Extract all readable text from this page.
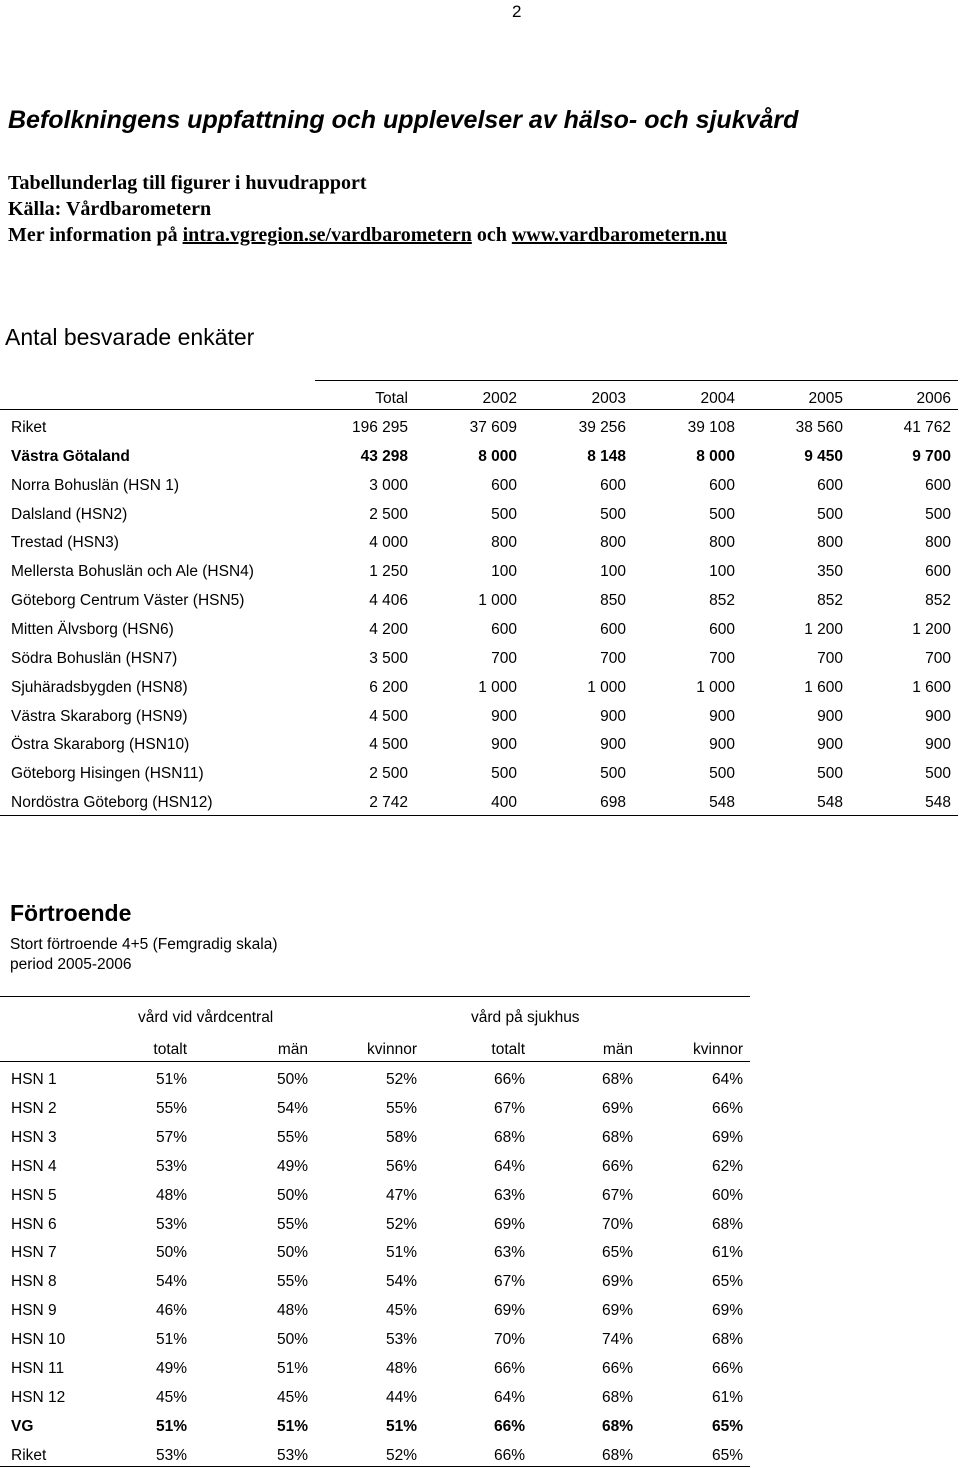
2
Befolkningens uppfattning och upplevelser av hälso- och sjukvård
Tabellunderlag till figurer i huvudrapport
Källa: Vårdbarometern
Mer information på intra.vgregion.se/vardbarometern och www.vardbarometern.nu
Antal besvarade enkäter
Total	2002	2003	2004	2005	2006
Riket	196 295	37 609	39 256	39 108	38 560	41 762
Västra Götaland	43 298	8 000	8 148	8 000	9 450	9 700
Norra Bohuslän (HSN 1)	3 000	600	600	600	600	600
Dalsland (HSN2)	2 500	500	500	500	500	500
Trestad (HSN3)	4 000	800	800	800	800	800
Mellersta Bohuslän och Ale (HSN4)	1 250	100	100	100	350	600
Göteborg Centrum Väster (HSN5)	4 406	1 000	850	852	852	852
Mitten Älvsborg (HSN6)	4 200	600	600	600	1 200	1 200
Södra Bohuslän (HSN7)	3 500	700	700	700	700	700
Sjuhäradsbygden (HSN8)	6 200	1 000	1 000	1 000	1 600	1 600
Västra Skaraborg (HSN9)	4 500	900	900	900	900	900
Östra Skaraborg (HSN10)	4 500	900	900	900	900	900
Göteborg Hisingen (HSN11)	2 500	500	500	500	500	500
Nordöstra Göteborg (HSN12)	2 742	400	698	548	548	548
vård vid vårdcentral	vård på sjukhus
totalt	män	kvinnor	totalt	män	kvinnor
HSN 1	51%	50%	52%	66%	68%	64%
HSN 2	55%	54%	55%	67%	69%	66%
HSN 3	57%	55%	58%	68%	68%	69%
HSN 4	53%	49%	56%	64%	66%	62%
HSN 5	48%	50%	47%	63%	67%	60%
HSN 6	53%	55%	52%	69%	70%	68%
HSN 7	50%	50%	51%	63%	65%	61%
HSN 8	54%	55%	54%	67%	69%	65%
HSN 9	46%	48%	45%	69%	69%	69%
HSN 10	51%	50%	53%	70%	74%	68%
HSN 11	49%	51%	48%	66%	66%	66%
HSN 12	45%	45%	44%	64%	68%	61%
VG	51%	51%	51%	66%	68%	65%
Riket	53%	53%	52%	66%	68%	65%
Förtroende
Stort förtroende 4+5 (Femgradig skala)
period 2005-2006
